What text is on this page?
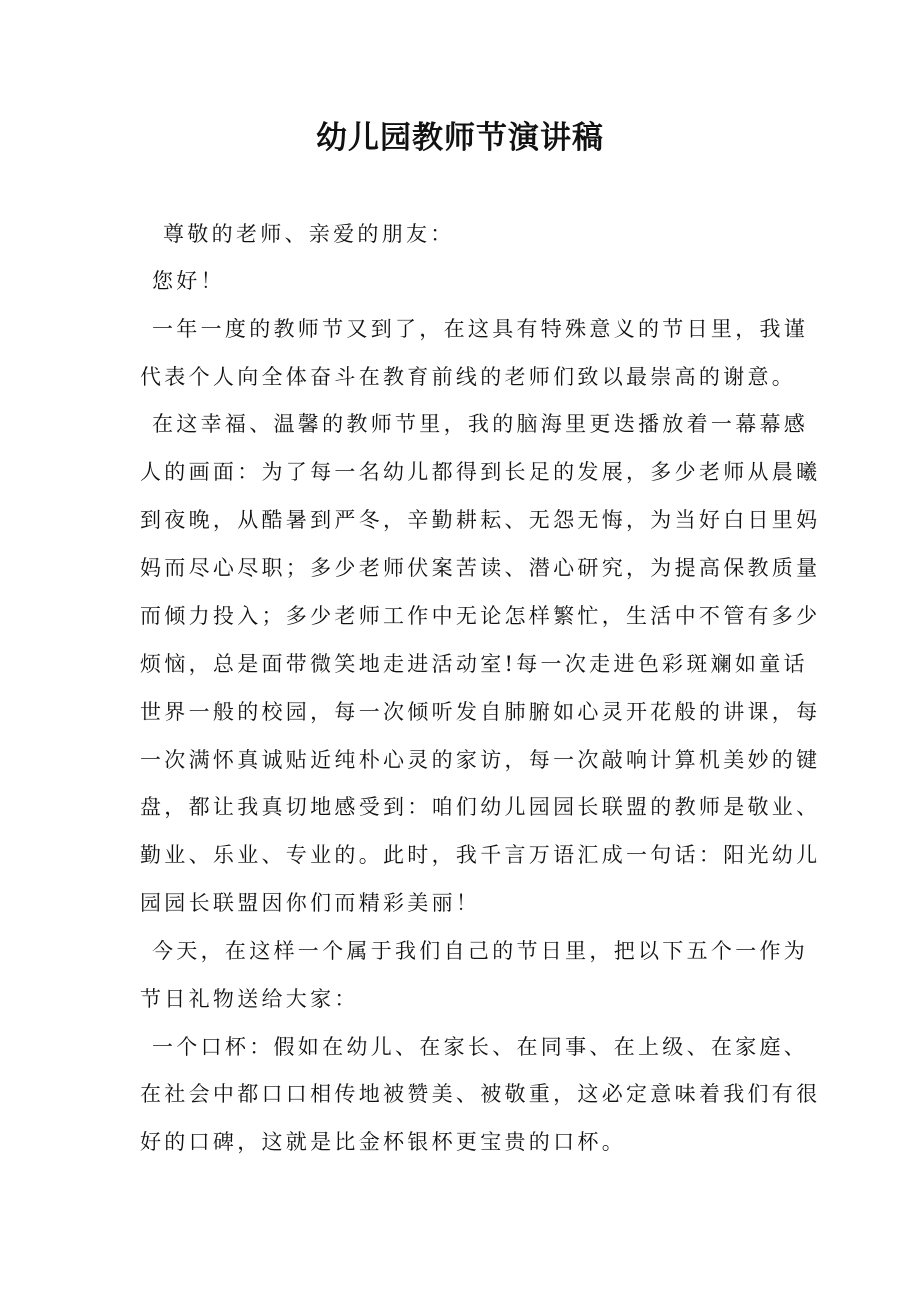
幼儿园教师节演讲稿
尊敬的老师、亲爱的朋友：
您好！
一年一度的教师节又到了，在这具有特殊意义的节日里，我谨
代表个人向全体奋斗在教育前线的老师们致以最崇高的谢意。
在这幸福、温馨的教师节里，我的脑海里更迭播放着一幕幕感
人的画面：为了每一名幼儿都得到长足的发展，多少老师从晨曦
到夜晚，从酷暑到严冬，辛勤耕耘、无怨无悔，为当好白日里妈
妈而尽心尽职；多少老师伏案苦读、潜心研究，为提高保教质量
而倾力投入；多少老师工作中无论怎样繁忙，生活中不管有多少
烦恼，总是面带微笑地走进活动室!每一次走进色彩斑斓如童话
世界一般的校园，每一次倾听发自肺腑如心灵开花般的讲课，每
一次满怀真诚贴近纯朴心灵的家访，每一次敲响计算机美妙的键
盘，都让我真切地感受到：咱们幼儿园园长联盟的教师是敬业、
勤业、乐业、专业的。此时，我千言万语汇成一句话：阳光幼儿
园园长联盟因你们而精彩美丽！
今天，在这样一个属于我们自己的节日里，把以下五个一作为
节日礼物送给大家：
一个口杯：假如在幼儿、在家长、在同事、在上级、在家庭、
在社会中都口口相传地被赞美、被敬重，这必定意味着我们有很
好的口碑，这就是比金杯银杯更宝贵的口杯。
